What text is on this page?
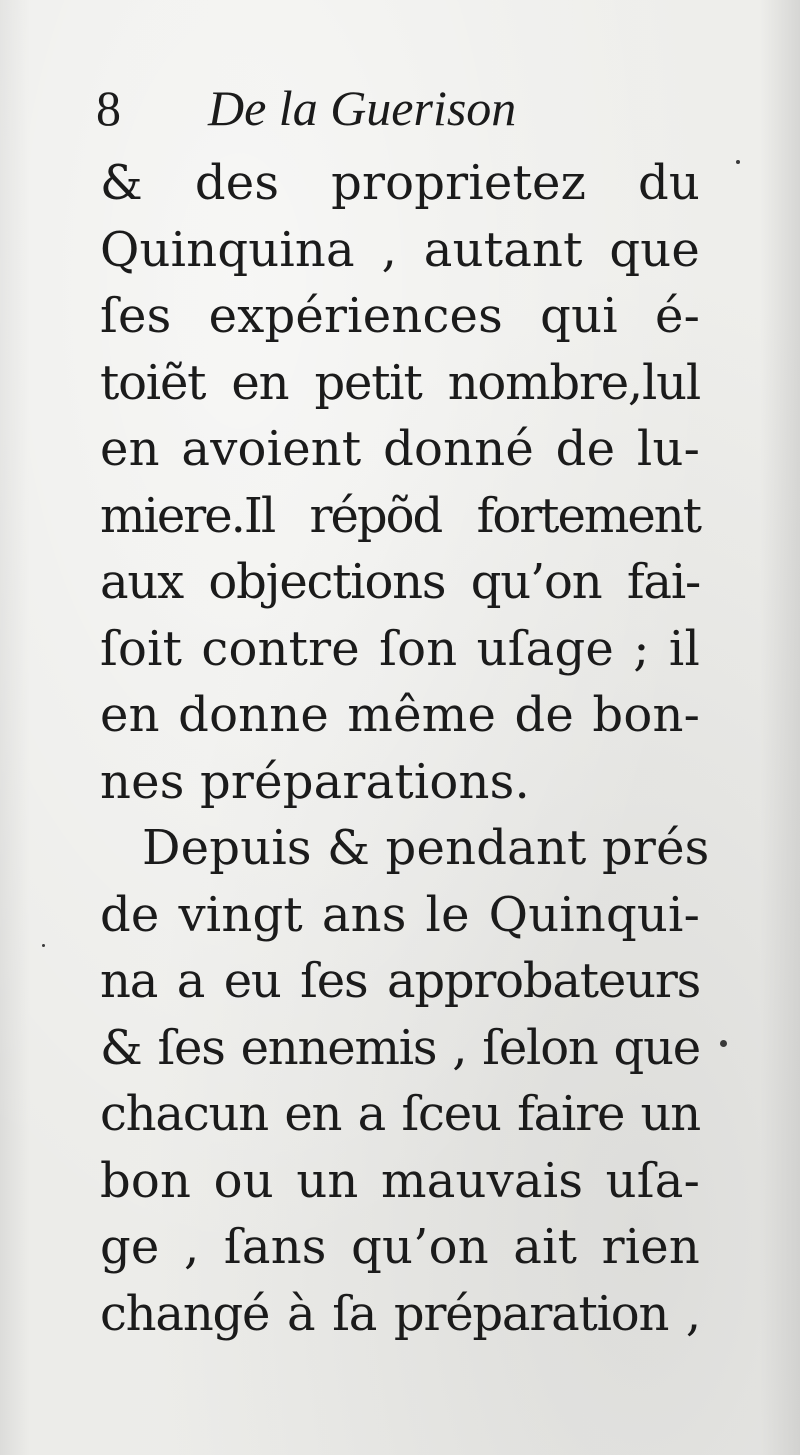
8 De la Guerison
& des proprietez du
Quinquina , autant que
ſes expériences qui é-
toiẽt en petit nombre,lul
en avoient donné de lu-
miere.Il répõd fortement
aux objections qu’on fai-
ſoit contre ſon uſage ; il
en donne même de bon-
nes préparations.
Depuis & pendant prés
de vingt ans le Quinqui-
na a eu ſes approbateurs
& ſes ennemis , ſelon que
chacun en a ſceu faire un
bon ou un mauvais uſa-
ge , ſans qu’on ait rien
changé à ſa préparation ,
